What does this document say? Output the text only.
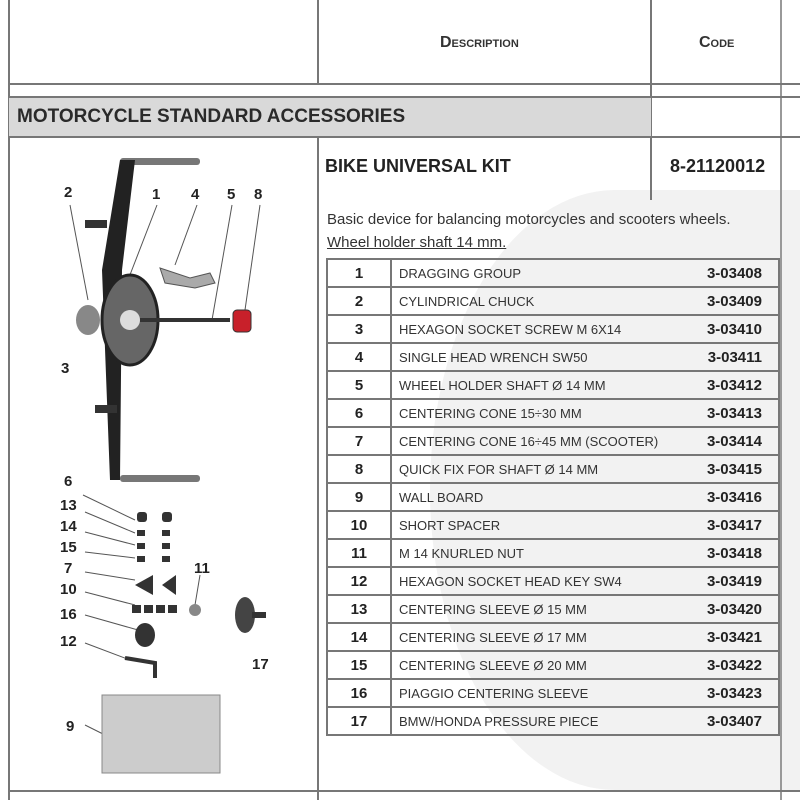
Description	Code
MOTORCYCLE STANDARD ACCESSORIES
BIKE UNIVERSAL KIT	8-21120012
Basic device for balancing motorcycles and scooters wheels.
Wheel holder shaft 14 mm.
1	DRAGGING GROUP	3-03408
2	CYLINDRICAL CHUCK	3-03409
3	HEXAGON SOCKET SCREW M 6X14	3-03410
4	SINGLE HEAD WRENCH SW50	3-03411
5	WHEEL HOLDER SHAFT Ø 14 MM	3-03412
6	CENTERING CONE 15÷30 MM	3-03413
7	CENTERING CONE 16÷45 MM (SCOOTER)	3-03414
8	QUICK FIX FOR SHAFT Ø 14 MM	3-03415
9	WALL BOARD	3-03416
10	SHORT SPACER	3-03417
11	M 14 KNURLED NUT	3-03418
12	HEXAGON SOCKET HEAD KEY SW4	3-03419
13	CENTERING SLEEVE Ø 15 MM	3-03420
14	CENTERING SLEEVE Ø 17 MM	3-03421
15	CENTERING SLEEVE Ø 20 MM	3-03422
16	PIAGGIO CENTERING SLEEVE	3-03423
17	BMW/HONDA PRESSURE PIECE	3-03407
2	1 4 5 8
3
6
13
14
15
7
10
11
16
12
17
9
